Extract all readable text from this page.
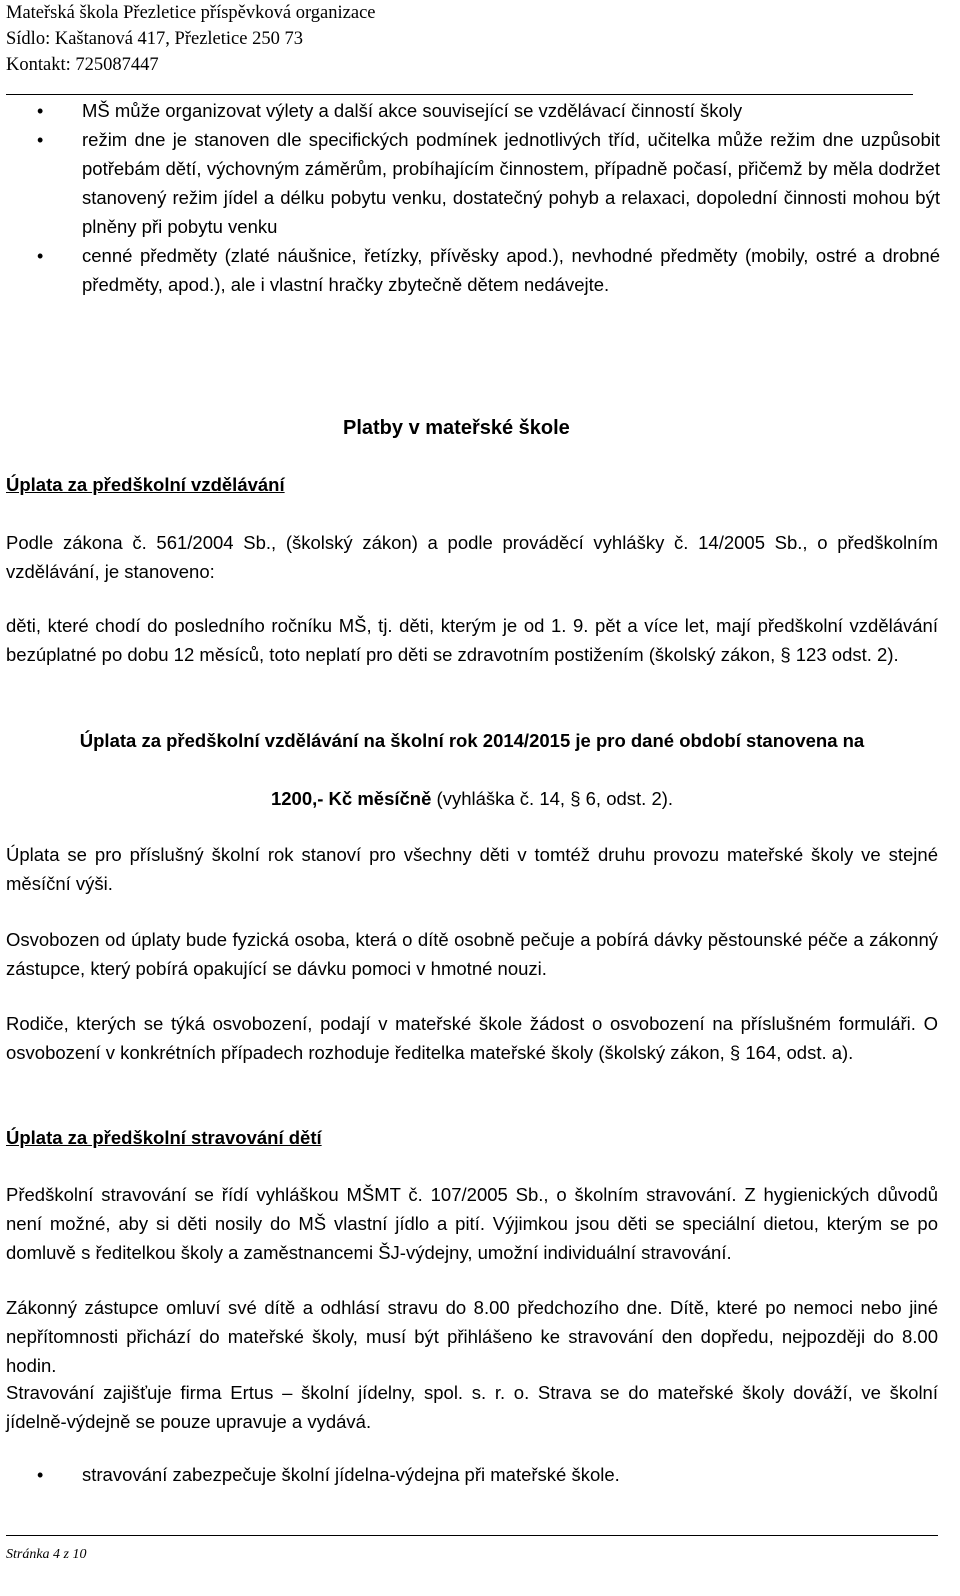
Mateřská škola Přezletice příspěvková organizace
Sídlo: Kaštanová 417, Přezletice 250 73
Kontakt: 725087447
• MŠ může organizovat výlety a další akce související se vzdělávací činností školy
• režim dne je stanoven dle specifických podmínek jednotlivých tříd, učitelka může režim dne uzpůsobit potřebám dětí, výchovným záměrům, probíhajícím činnostem, případně počasí, přičemž by měla dodržet stanovený režim jídel a délku pobytu venku, dostatečný pohyb a relaxaci, dopolední činnosti mohou být plněny při pobytu venku
• cenné předměty (zlaté náušnice, řetízky, přívěsky apod.), nevhodné předměty (mobily, ostré a drobné předměty, apod.), ale i vlastní hračky zbytečně dětem nedávejte.
Platby v mateřské škole
Úplata za předškolní vzdělávání
Podle zákona č. 561/2004 Sb., (školský zákon) a podle prováděcí vyhlášky č. 14/2005 Sb., o předškolním vzdělávání, je stanoveno:
děti, které chodí do posledního ročníku MŠ, tj. děti, kterým je od 1. 9. pět a více let, mají předškolní vzdělávání bezúplatné po dobu 12 měsíců, toto neplatí pro děti se zdravotním postižením (školský zákon, § 123 odst. 2).
Úplata za předškolní vzdělávání na školní rok 2014/2015 je pro dané období stanovena na
1200,- Kč měsíčně (vyhláška č. 14, § 6, odst. 2).
Úplata se pro příslušný školní rok stanoví pro všechny děti v tomtéž druhu provozu mateřské školy ve stejné měsíční výši.
Osvobozen od úplaty bude fyzická osoba, která o dítě osobně pečuje a pobírá dávky pěstounské péče a zákonný zástupce, který pobírá opakující se dávku pomoci v hmotné nouzi.
Rodiče, kterých se týká osvobození, podají v mateřské škole žádost o osvobození na příslušném formuláři. O osvobození v konkrétních případech rozhoduje ředitelka mateřské školy (školský zákon, § 164, odst. a).
Úplata za předškolní stravování dětí
Předškolní stravování se řídí vyhláškou MŠMT č. 107/2005 Sb., o školním stravování. Z hygienických důvodů není možné, aby si děti nosily do MŠ vlastní jídlo a pití. Výjimkou jsou děti se speciální dietou, kterým se po domluvě s ředitelkou školy a zaměstnancemi ŠJ-výdejny, umožní individuální stravování.
Zákonný zástupce omluví své dítě a odhlásí stravu do 8.00 předchozího dne. Dítě, které po nemoci nebo jiné nepřítomnosti přichází do mateřské školy, musí být přihlášeno ke stravování den dopředu, nejpozději do 8.00 hodin.
Stravování zajišťuje firma Ertus – školní jídelny, spol. s. r. o. Strava se do mateřské školy dováží, ve školní jídelně-výdejně se pouze upravuje a vydává.
• stravování zabezpečuje školní jídelna-výdejna při mateřské škole.
Stránka 4 z 10
